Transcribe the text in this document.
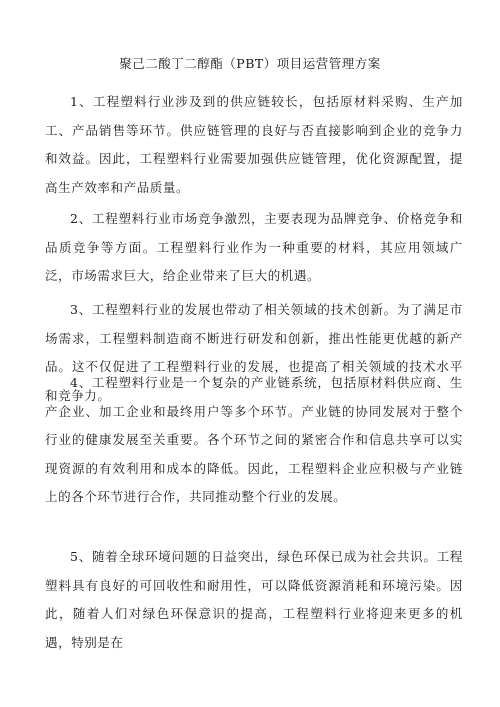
聚己二酸丁二醇酯（PBT）项目运营管理方案

1、工程塑料行业涉及到的供应链较长，包括原材料采购、生产加工、产品销售等环节。供应链管理的良好与否直接影响到企业的竞争力和效益。因此，工程塑料行业需要加强供应链管理，优化资源配置，提高生产效率和产品质量。

2、工程塑料行业市场竞争激烈，主要表现为品牌竞争、价格竞争和品质竞争等方面。工程塑料行业作为一种重要的材料，其应用领域广泛，市场需求巨大，给企业带来了巨大的机遇。

3、工程塑料行业的发展也带动了相关领域的技术创新。为了满足市场需求，工程塑料制造商不断进行研发和创新，推出性能更优越的新产品。这不仅促进了工程塑料行业的发展，也提高了相关领域的技术水平和竞争力。

4、工程塑料行业是一个复杂的产业链系统，包括原材料供应商、生产企业、加工企业和最终用户等多个环节。产业链的协同发展对于整个行业的健康发展至关重要。各个环节之间的紧密合作和信息共享可以实现资源的有效利用和成本的降低。因此，工程塑料企业应积极与产业链上的各个环节进行合作，共同推动整个行业的发展。

5、随着全球环境问题的日益突出，绿色环保已成为社会共识。工程塑料具有良好的可回收性和耐用性，可以降低资源消耗和环境污染。因此，随着人们对绿色环保意识的提高，工程塑料行业将迎来更多的机遇，特别是在
